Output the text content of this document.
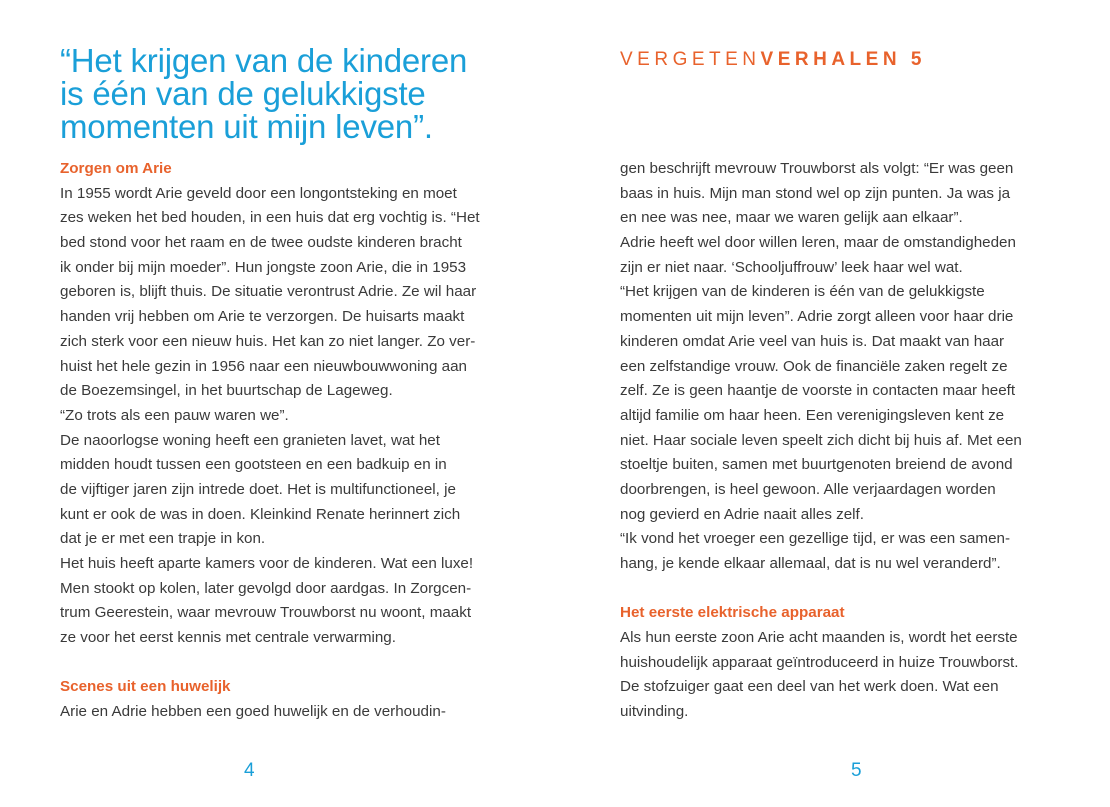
“Het krijgen van de kinderen
is één van de gelukkigste
momenten uit mijn leven”.
Zorgen om Arie
In 1955 wordt Arie geveld door een longontsteking en moet
zes weken het bed houden, in een huis dat erg vochtig is. “Het
bed stond voor het raam en de twee oudste kinderen bracht
ik onder bij mijn moeder”. Hun jongste zoon Arie, die in 1953
geboren is, blijft thuis. De situatie verontrust Adrie. Ze wil haar
handen vrij hebben om Arie te verzorgen. De huisarts maakt
zich sterk voor een nieuw huis. Het kan zo niet langer. Zo ver-
huist het hele gezin in 1956 naar een nieuwbouwwoning aan
de Boezemsingel, in het buurtschap de Lageweg.
“Zo trots als een pauw waren we”.
De naoorlogse woning heeft een granieten lavet, wat het
midden houdt tussen een gootsteen en een badkuip en in
de vijftiger jaren zijn intrede doet. Het is multifunctioneel, je
kunt er ook de was in doen. Kleinkind Renate herinnert zich
dat je er met een trapje in kon.
Het huis heeft aparte kamers voor de kinderen. Wat een luxe!
Men stookt op kolen, later gevolgd door aardgas. In Zorgcen-
trum Geerestein, waar mevrouw Trouwborst nu woont, maakt
ze voor het eerst kennis met centrale verwarming.
Scenes uit een huwelijk
Arie en Adrie hebben een goed huwelijk en de verhoudin-
4
VERGETENVERHALEN 5
gen beschrijft mevrouw Trouwborst als volgt: “Er was geen
baas in huis. Mijn man stond wel op zijn punten. Ja was ja
en nee was nee, maar we waren gelijk aan elkaar”.
Adrie heeft wel door willen leren, maar de omstandigheden
zijn er niet naar. ‘Schooljuffrouw’ leek haar wel wat.
“Het krijgen van de kinderen is één van de gelukkigste
momenten uit mijn leven”. Adrie zorgt alleen voor haar drie
kinderen omdat Arie veel van huis is. Dat maakt van haar
een zelfstandige vrouw. Ook de financiële zaken regelt ze
zelf. Ze is geen haantje de voorste in contacten maar heeft
altijd familie om haar heen. Een verenigingsleven kent ze
niet. Haar sociale leven speelt zich dicht bij huis af. Met een
stoeltje buiten, samen met buurtgenoten breiend de avond
doorbrengen, is heel gewoon. Alle verjaardagen worden
nog gevierd en Adrie naait alles zelf.
“Ik vond het vroeger een gezellige tijd, er was een samen-
hang, je kende elkaar allemaal, dat is nu wel veranderd”.
Het eerste elektrische apparaat
Als hun eerste zoon Arie acht maanden is, wordt het eerste
huishoudelijk apparaat geïntroduceerd in huize Trouwborst.
De stofzuiger gaat een deel van het werk doen. Wat een
uitvinding.
5
